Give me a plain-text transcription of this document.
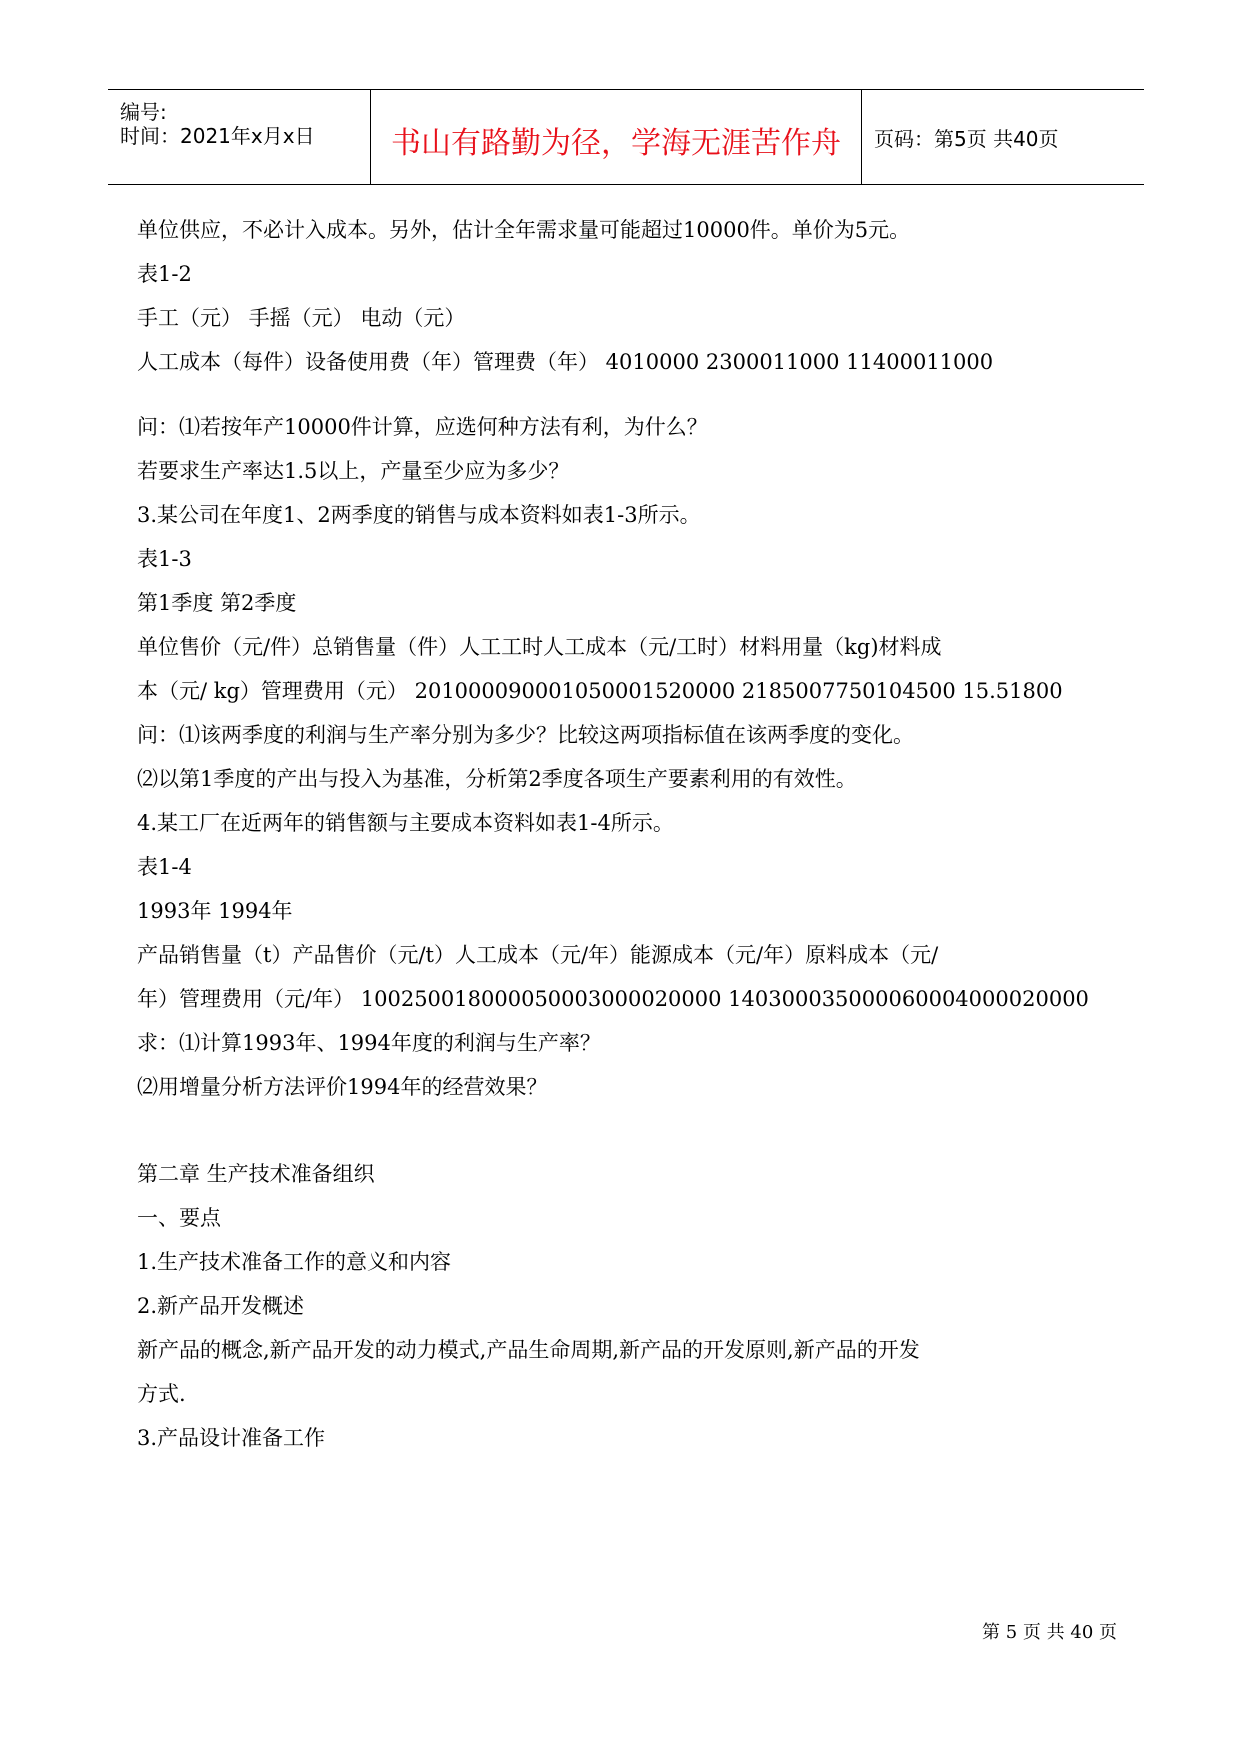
编号:
时间：2021年x月x日	书山有路勤为径，学海无涯苦作舟	页码：第5页 共40页
单位供应，不必计入成本。另外，估计全年需求量可能超过10000件。单价为5元。
表1-2
手工（元） 手摇（元） 电动（元）
人工成本（每件）设备使用费（年）管理费（年） 4010000 2300011000 11400011000
问：⑴若按年产10000件计算，应选何种方法有利，为什么？
若要求生产率达1.5以上，产量至少应为多少？
3.某公司在年度1、2两季度的销售与成本资料如表1-3所示。
表1-3
第1季度 第2季度
单位售价（元/件）总销售量（件）人工工时人工成本（元/工时）材料用量（kg)材料成
本（元/ kg）管理费用（元） 2010000900010500015200​00 2185007750104500 15.51800
问：⑴该两季度的利润与生产率分别为多少？比较这两项指标值在该两季度的变化。
⑵以第1季度的产出与投入为基准，分析第2季度各项生产要素利用的有效性。
4.某工厂在近两年的销售额与主要成本资料如表1-4所示。
表1-4
1993年 1994年
产品销售量（t）产品售价（元/t）人工成本（元/年）能源成本（元/年）原料成本（元/
年）管理费用（元/年） 100250018000050003000020000 140300035000060004000020000
求：⑴计算1993年、1994年度的利润与生产率？
⑵用增量分析方法评价1994年的经营效果？
第二章 生产技术准备组织
一、要点
1.生产技术准备工作的意义和内容
2.新产品开发概述
新产品的概念,新产品开发的动力模式,产品生命周期,新产品的开发原则,新产品的开发
方式.
3.产品设计准备工作
第 5 页 共 40 页
